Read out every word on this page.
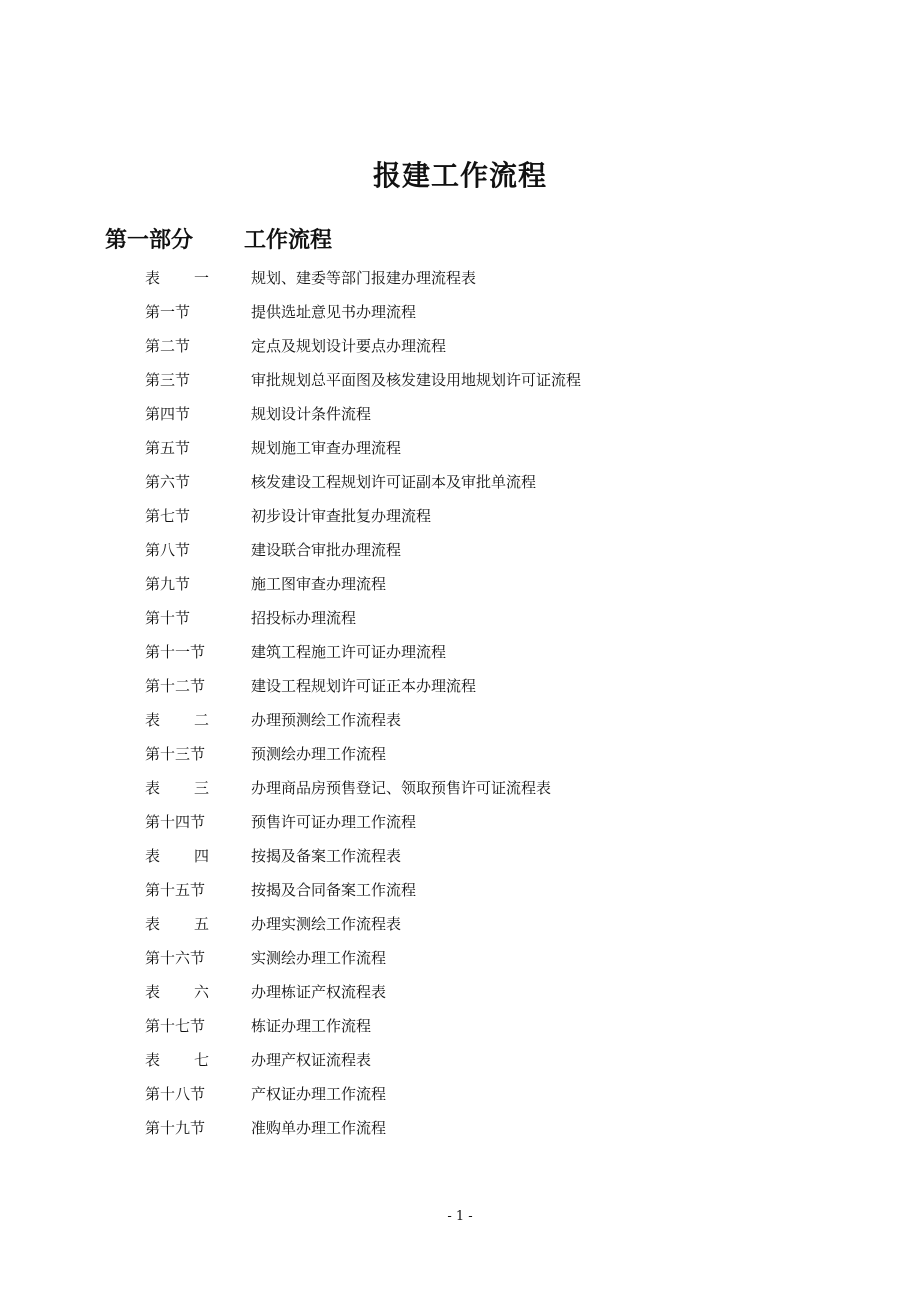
报建工作流程
第一部分 工作流程
表　一	规划、建委等部门报建办理流程表
第一节	提供选址意见书办理流程
第二节	定点及规划设计要点办理流程
第三节	审批规划总平面图及核发建设用地规划许可证流程
第四节	规划设计条件流程
第五节	规划施工审查办理流程
第六节	核发建设工程规划许可证副本及审批单流程
第七节	初步设计审查批复办理流程
第八节	建设联合审批办理流程
第九节	施工图审查办理流程
第十节	招投标办理流程
第十一节	建筑工程施工许可证办理流程
第十二节	建设工程规划许可证正本办理流程
表　二	办理预测绘工作流程表
第十三节	预测绘办理工作流程
表　三	办理商品房预售登记、领取预售许可证流程表
第十四节	预售许可证办理工作流程
表　四	按揭及备案工作流程表
第十五节	按揭及合同备案工作流程
表　五	办理实测绘工作流程表
第十六节	实测绘办理工作流程
表　六	办理栋证产权流程表
第十七节	栋证办理工作流程
表　七	办理产权证流程表
第十八节	产权证办理工作流程
第十九节	准购单办理工作流程
- 1 -
